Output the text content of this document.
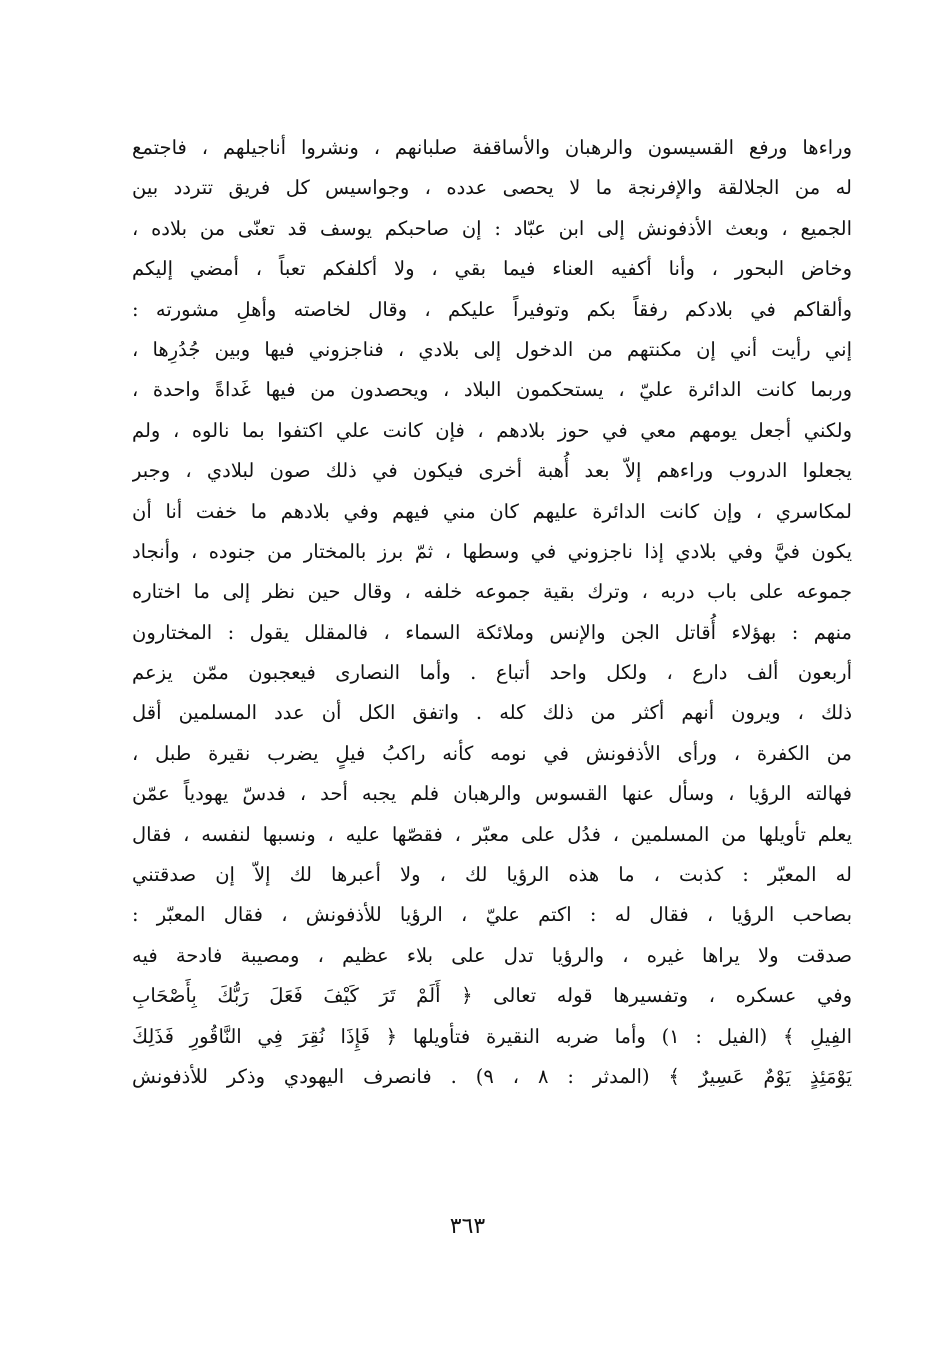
وراءها ورفع القسيسون والرهبان والأساقفة صلبانهم ، ونشروا أناجيلهم ، فاجتمع
له من الجلالقة والإفرنجة ما لا يحصى عدده ، وجواسيس كل فريق تتردد بين
الجميع ، وبعث الأذفونش إلى ابن عبّاد : إن صاحبكم يوسف قد تعنّى من بلاده ،
وخاض البحور ، وأنا أكفيه العناء فيما بقي ، ولا أكلفكم تعباً ، أمضي إليكم
وألقاكم في بلادكم رفقاً بكم وتوفيراً عليكم ، وقال لخاصته وأهلِ مشورته :
إني رأيت أني إن مكنتهم من الدخول إلى بلادي ، فناجزوني فيها وبين جُدُرِها ،
وربما كانت الدائرة عليّ ، يستحكمون البلاد ، ويحصدون من فيها غَداةً واحدة ،
ولكني أجعل يومهم معي في حوز بلادهم ، فإن كانت علي اكتفوا بما نالوه ، ولم
يجعلوا الدروب وراءهم إلاّ بعد أُهبة أخرى فيكون في ذلك صون لبلادي ، وجبر
لمكاسري ، وإن كانت الدائرة عليهم كان مني فيهم وفي بلادهم ما خفت أنا أن
يكون فيَّ وفي بلادي إذا ناجزوني في وسطها ، ثمّ برز بالمختار من جنوده ، وأنجاد
جموعه على باب دربه ، وترك بقية جموعه خلفه ، وقال حين نظر إلى ما اختاره
منهم : بهؤلاء أُقاتل الجن والإنس وملائكة السماء ، فالمقلل يقول : المختارون
أربعون ألف دارع ، ولكل واحد أتباع . وأما النصارى فيعجبون ممّن يزعم
ذلك ، ويرون أنهم أكثر من ذلك كله . واتفق الكل أن عدد المسلمين أقل
من الكفرة ، ورأى الأذفونش في نومه كأنه راكبُ فيلٍ يضرب نقيرة طبل ،
فهالته الرؤيا ، وسأل عنها القسوس والرهبان فلم يجبه أحد ، فدسّ يهودياً عمّن
يعلم تأويلها من المسلمين ، فدُل على معبّر ، فقصّها عليه ، ونسبها لنفسه ، فقال
له المعبّر : كذبت ، ما هذه الرؤيا لك ، ولا أعبرها لك إلاّ إن صدقتني
بصاحب الرؤيا ، فقال له : اكتم عليّ ، الرؤيا للأذفونش ، فقال المعبّر :
صدقت ولا يراها غيره ، والرؤيا تدل على بلاء عظيم ، ومصيبة فادحة فيه
وفي عسكره ، وتفسيرها قوله تعالى ﴿ أَلَمْ تَرَ كَيْفَ فَعَلَ رَبُّكَ بِأَصْحَابِ
الفِيلِ ﴾ (الفيل : ١) وأما ضربه النقيرة فتأويلها ﴿ فَإِذَا نُقِرَ فِي النَّاقُورِ فَذَلِكَ
يَوْمَئِذٍ يَوْمٌ عَسِيرٌ ﴾ (المدثر : ٨ ، ٩) . فانصرف اليهودي وذكر للأذفونش
٣٦٣
